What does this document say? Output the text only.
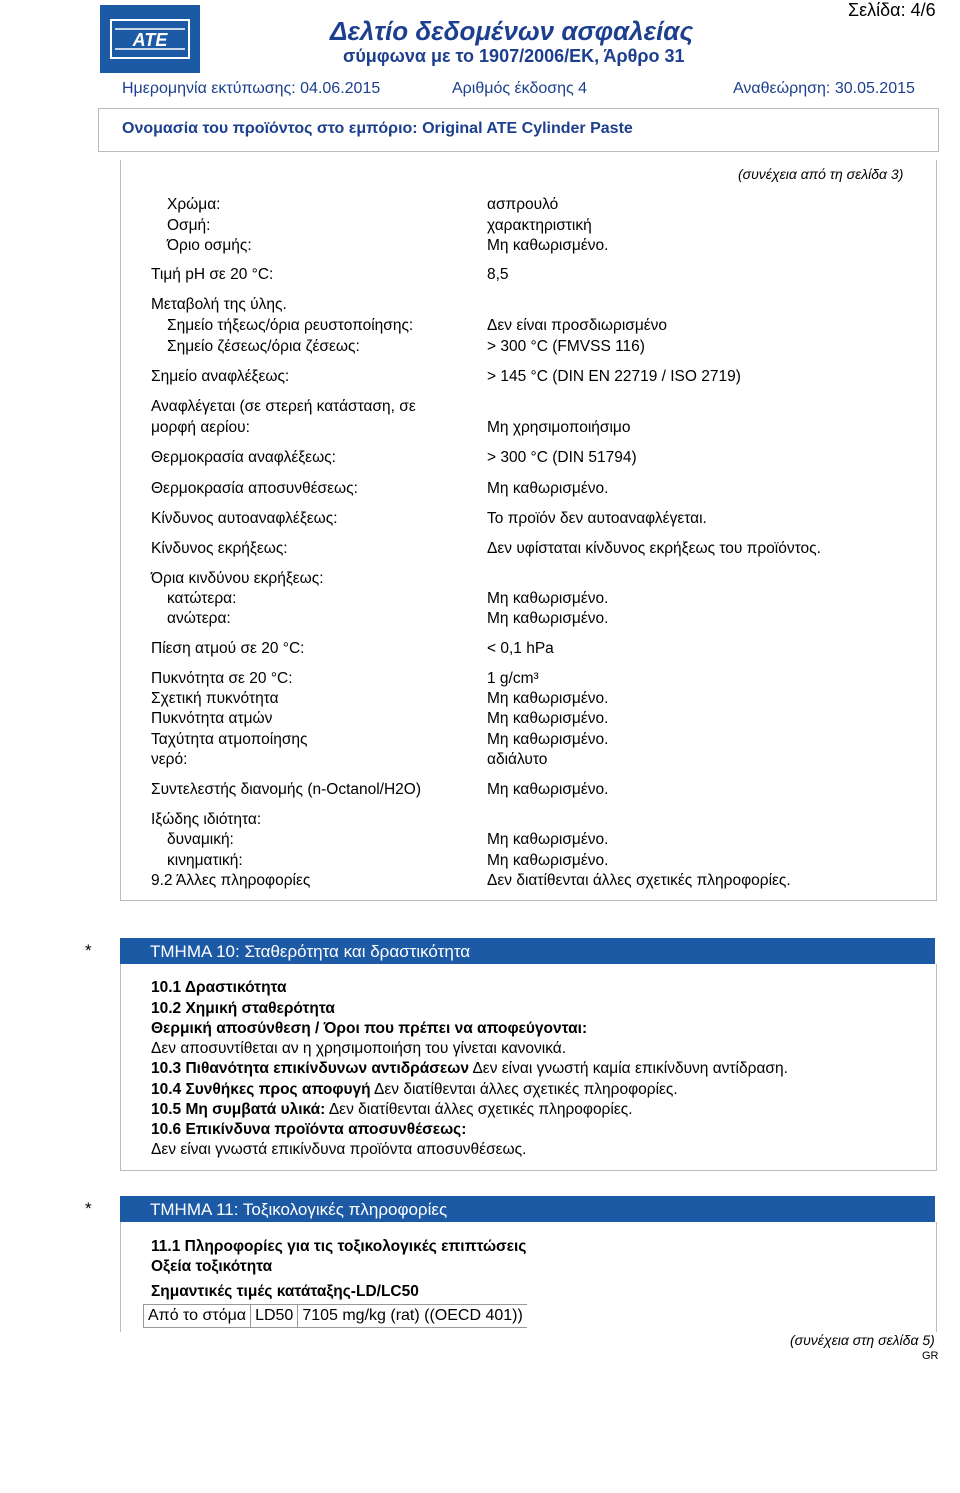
ATE
Σελίδα: 4/6
Δελτίο δεδομένων ασφαλείας
σύμφωνα με το 1907/2006/ΕΚ, Άρθρο 31
Ημερομηνία εκτύπωσης: 04.06.2015	Αριθμός έκδοσης 4	Αναθεώρηση: 30.05.2015
Ονομασία του προϊόντος στο εμπόριο: Original ATE Cylinder Paste
(συνέχεια από τη σελίδα 3)
Χρώμα:	ασπρουλό
Οσμή:	χαρακτηριστική
Όριο οσμής:	Μη καθωρισμένο.
Τιμή pH σε 20 °C:	8,5
Μεταβολή της ύλης.
Σημείο τήξεως/όρια ρευστοποίησης:	Δεν είναι προσδιωρισμένο
Σημείο ζέσεως/όρια ζέσεως:	> 300 °C (FMVSS 116)
Σημείο αναφλέξεως:	> 145 °C (DIN EN 22719 / ISO 2719)
Αναφλέγεται (σε στερεή κατάσταση, σε
μορφή αερίου:	Μη χρησιμοποιήσιμο
Θερμοκρασία αναφλέξεως:	> 300 °C (DIN 51794)
Θερμοκρασία αποσυνθέσεως:	Μη καθωρισμένο.
Κίνδυνος αυτοαναφλέξεως:	Το προϊόν δεν αυτοαναφλέγεται.
Κίνδυνος εκρήξεως:	Δεν υφίσταται κίνδυνος εκρήξεως του προϊόντος.
Όρια κινδύνου εκρήξεως:
κατώτερα:	Μη καθωρισμένο.
ανώτερα:	Μη καθωρισμένο.
Πίεση ατμού σε 20 °C:	< 0,1 hPa
Πυκνότητα σε 20 °C:	1 g/cm³
Σχετική πυκνότητα	Μη καθωρισμένο.
Πυκνότητα ατμών	Μη καθωρισμένο.
Ταχύτητα ατμοποίησης	Μη καθωρισμένο.
νερό:	αδιάλυτο
Συντελεστής διανομής (n-Octanol/H2O)	Μη καθωρισμένο.
Ιξώδης ιδιότητα:
δυναμική:	Μη καθωρισμένο.
κινηματική:	Μη καθωρισμένο.
9.2 Άλλες πληροφορίες	Δεν διατίθενται άλλες σχετικές πληροφορίες.
*	ΤΜΗΜΑ 10: Σταθερότητα και δραστικότητα
10.1 Δραστικότητα
10.2 Χημική σταθερότητα
Θερμική αποσύνθεση / Όροι που πρέπει να αποφεύγονται:
Δεν αποσυντίθεται αν η χρησιμοποιήση του γίνεται κανονικά.
10.3 Πιθανότητα επικίνδυνων αντιδράσεων Δεν είναι γνωστή καμία επικίνδυνη αντίδραση.
10.4 Συνθήκες προς αποφυγή Δεν διατίθενται άλλες σχετικές πληροφορίες.
10.5 Μη συμβατά υλικά: Δεν διατίθενται άλλες σχετικές πληροφορίες.
10.6 Επικίνδυνα προϊόντα αποσυνθέσεως:
Δεν είναι γνωστά επικίνδυνα προϊόντα αποσυνθέσεως.
*	ΤΜΗΜΑ 11: Τοξικολογικές πληροφορίες
11.1 Πληροφορίες για τις τοξικολογικές επιπτώσεις
Οξεία τοξικότητα
Σημαντικές τιμές κατάταξης-LD/LC50
Από το στόμα	LD50	7105 mg/kg (rat) ((OECD 401))
(συνέχεια στη σελίδα 5)
GR
